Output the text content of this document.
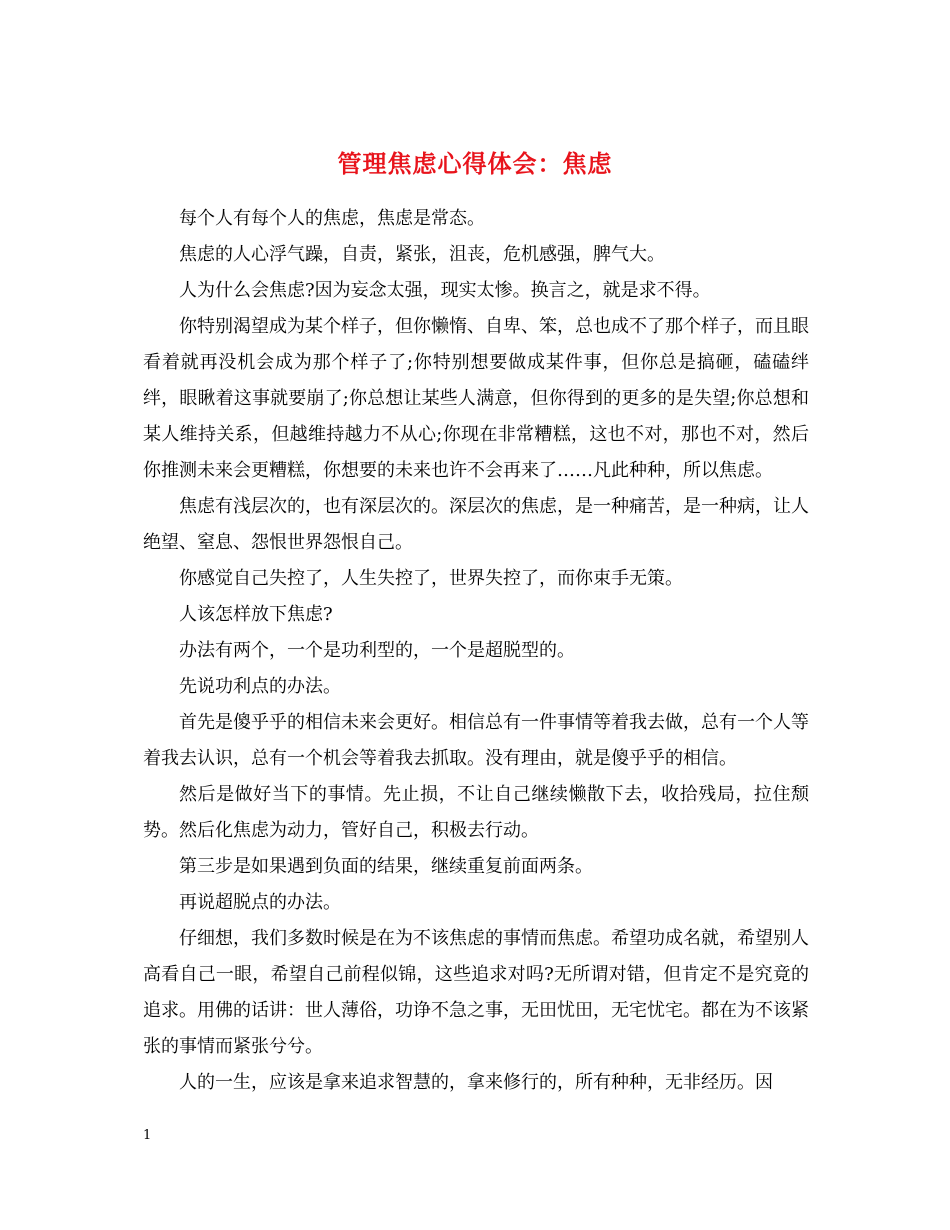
管理焦虑心得体会：焦虑

每个人有每个人的焦虑，焦虑是常态。

焦虑的人心浮气躁，自责，紧张，沮丧，危机感强，脾气大。

人为什么会焦虑?因为妄念太强，现实太惨。换言之，就是求不得。

你特别渴望成为某个样子，但你懒惰、自卑、笨，总也成不了那个样子，而且眼看着就再没机会成为那个样子了;你特别想要做成某件事，但你总是搞砸，磕磕绊绊，眼瞅着这事就要崩了;你总想让某些人满意，但你得到的更多的是失望;你总想和某人维持关系，但越维持越力不从心;你现在非常糟糕，这也不对，那也不对，然后你推测未来会更糟糕，你想要的未来也许不会再来了……凡此种种，所以焦虑。

焦虑有浅层次的，也有深层次的。深层次的焦虑，是一种痛苦，是一种病，让人绝望、窒息、怨恨世界怨恨自己。

你感觉自己失控了，人生失控了，世界失控了，而你束手无策。

人该怎样放下焦虑?

办法有两个，一个是功利型的，一个是超脱型的。

先说功利点的办法。

首先是傻乎乎的相信未来会更好。相信总有一件事情等着我去做，总有一个人等着我去认识，总有一个机会等着我去抓取。没有理由，就是傻乎乎的相信。

然后是做好当下的事情。先止损，不让自己继续懒散下去，收拾残局，拉住颓势。然后化焦虑为动力，管好自己，积极去行动。

第三步是如果遇到负面的结果，继续重复前面两条。

再说超脱点的办法。

仔细想，我们多数时候是在为不该焦虑的事情而焦虑。希望功成名就，希望别人高看自己一眼，希望自己前程似锦，这些追求对吗?无所谓对错，但肯定不是究竟的追求。用佛的话讲：世人薄俗，功诤不急之事，无田忧田，无宅忧宅。都在为不该紧张的事情而紧张兮兮。

人的一生，应该是拿来追求智慧的，拿来修行的，所有种种，无非经历。因

1
